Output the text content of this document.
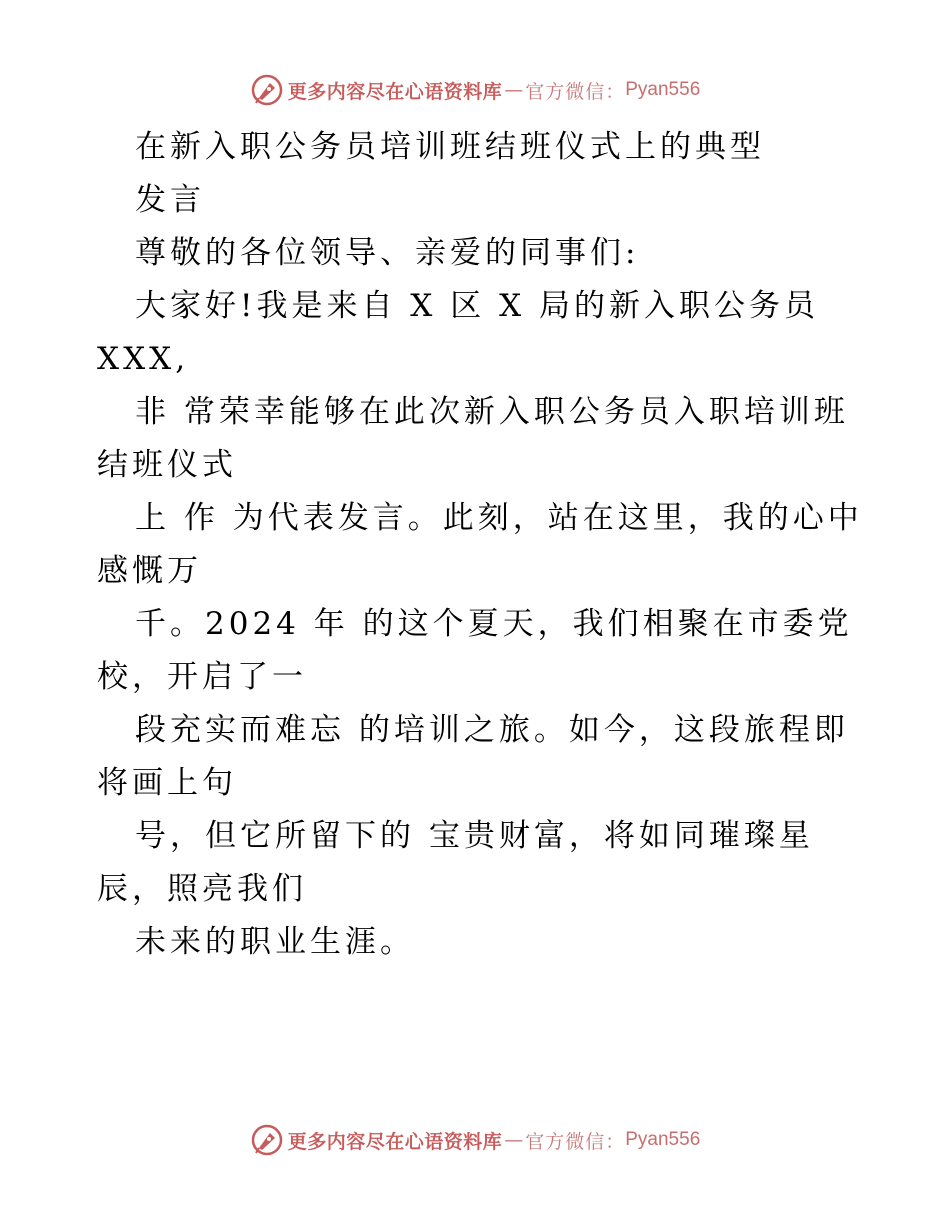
更多内容尽在心语资料库 — 官方微信： Pyan556
在新入职公务员培训班结班仪式上的典型
发言
尊敬的各位领导、亲爱的同事们:
大家好!我是来自 X 区 X 局的新入职公务员
XXX,
非 常荣幸能够在此次新入职公务员入职培训班
结班仪式
上 作 为代表发言。此刻，站在这里，我的心中
感慨万
千。2024 年 的这个夏天，我们相聚在市委党
校，开启了一
段充实而难忘 的培训之旅。如今，这段旅程即
将画上句
号，但它所留下的 宝贵财富，将如同璀璨星
辰，照亮我们
未来的职业生涯。
更多内容尽在心语资料库 — 官方微信： Pyan556
